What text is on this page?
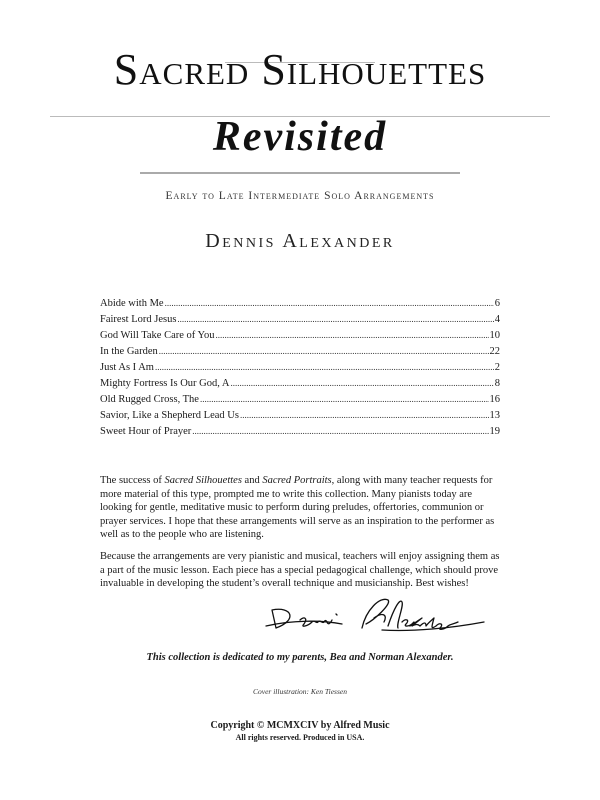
Sacred Silhouettes
Revisited
Early to Late Intermediate Solo Arrangements
Dennis Alexander
Abide with Me .....	6
Fairest Lord Jesus .....	4
God Will Take Care of You .....	10
In the Garden .....	22
Just As I Am .....	2
Mighty Fortress Is Our God, A .....	8
Old Rugged Cross, The .....	16
Savior, Like a Shepherd Lead Us .....	13
Sweet Hour of Prayer .....	19

The success of Sacred Silhouettes and Sacred Portraits, along with many teacher requests for more material of this type, prompted me to write this collection. Many pianists today are looking for gentle, meditative music to perform during preludes, offertories, communion or prayer services. I hope that these arrangements will serve as an inspiration to the performer as well as to the people who are listening.

Because the arrangements are very pianistic and musical, teachers will enjoy assigning them as a part of the music lesson. Each piece has a special pedagogical challenge, which should prove invaluable in developing the student’s overall technique and musicianship. Best wishes!

This collection is dedicated to my parents, Bea and Norman Alexander.
Cover illustration: Ken Tiessen
Copyright © MCMXCIV by Alfred Music
All rights reserved. Produced in USA.
